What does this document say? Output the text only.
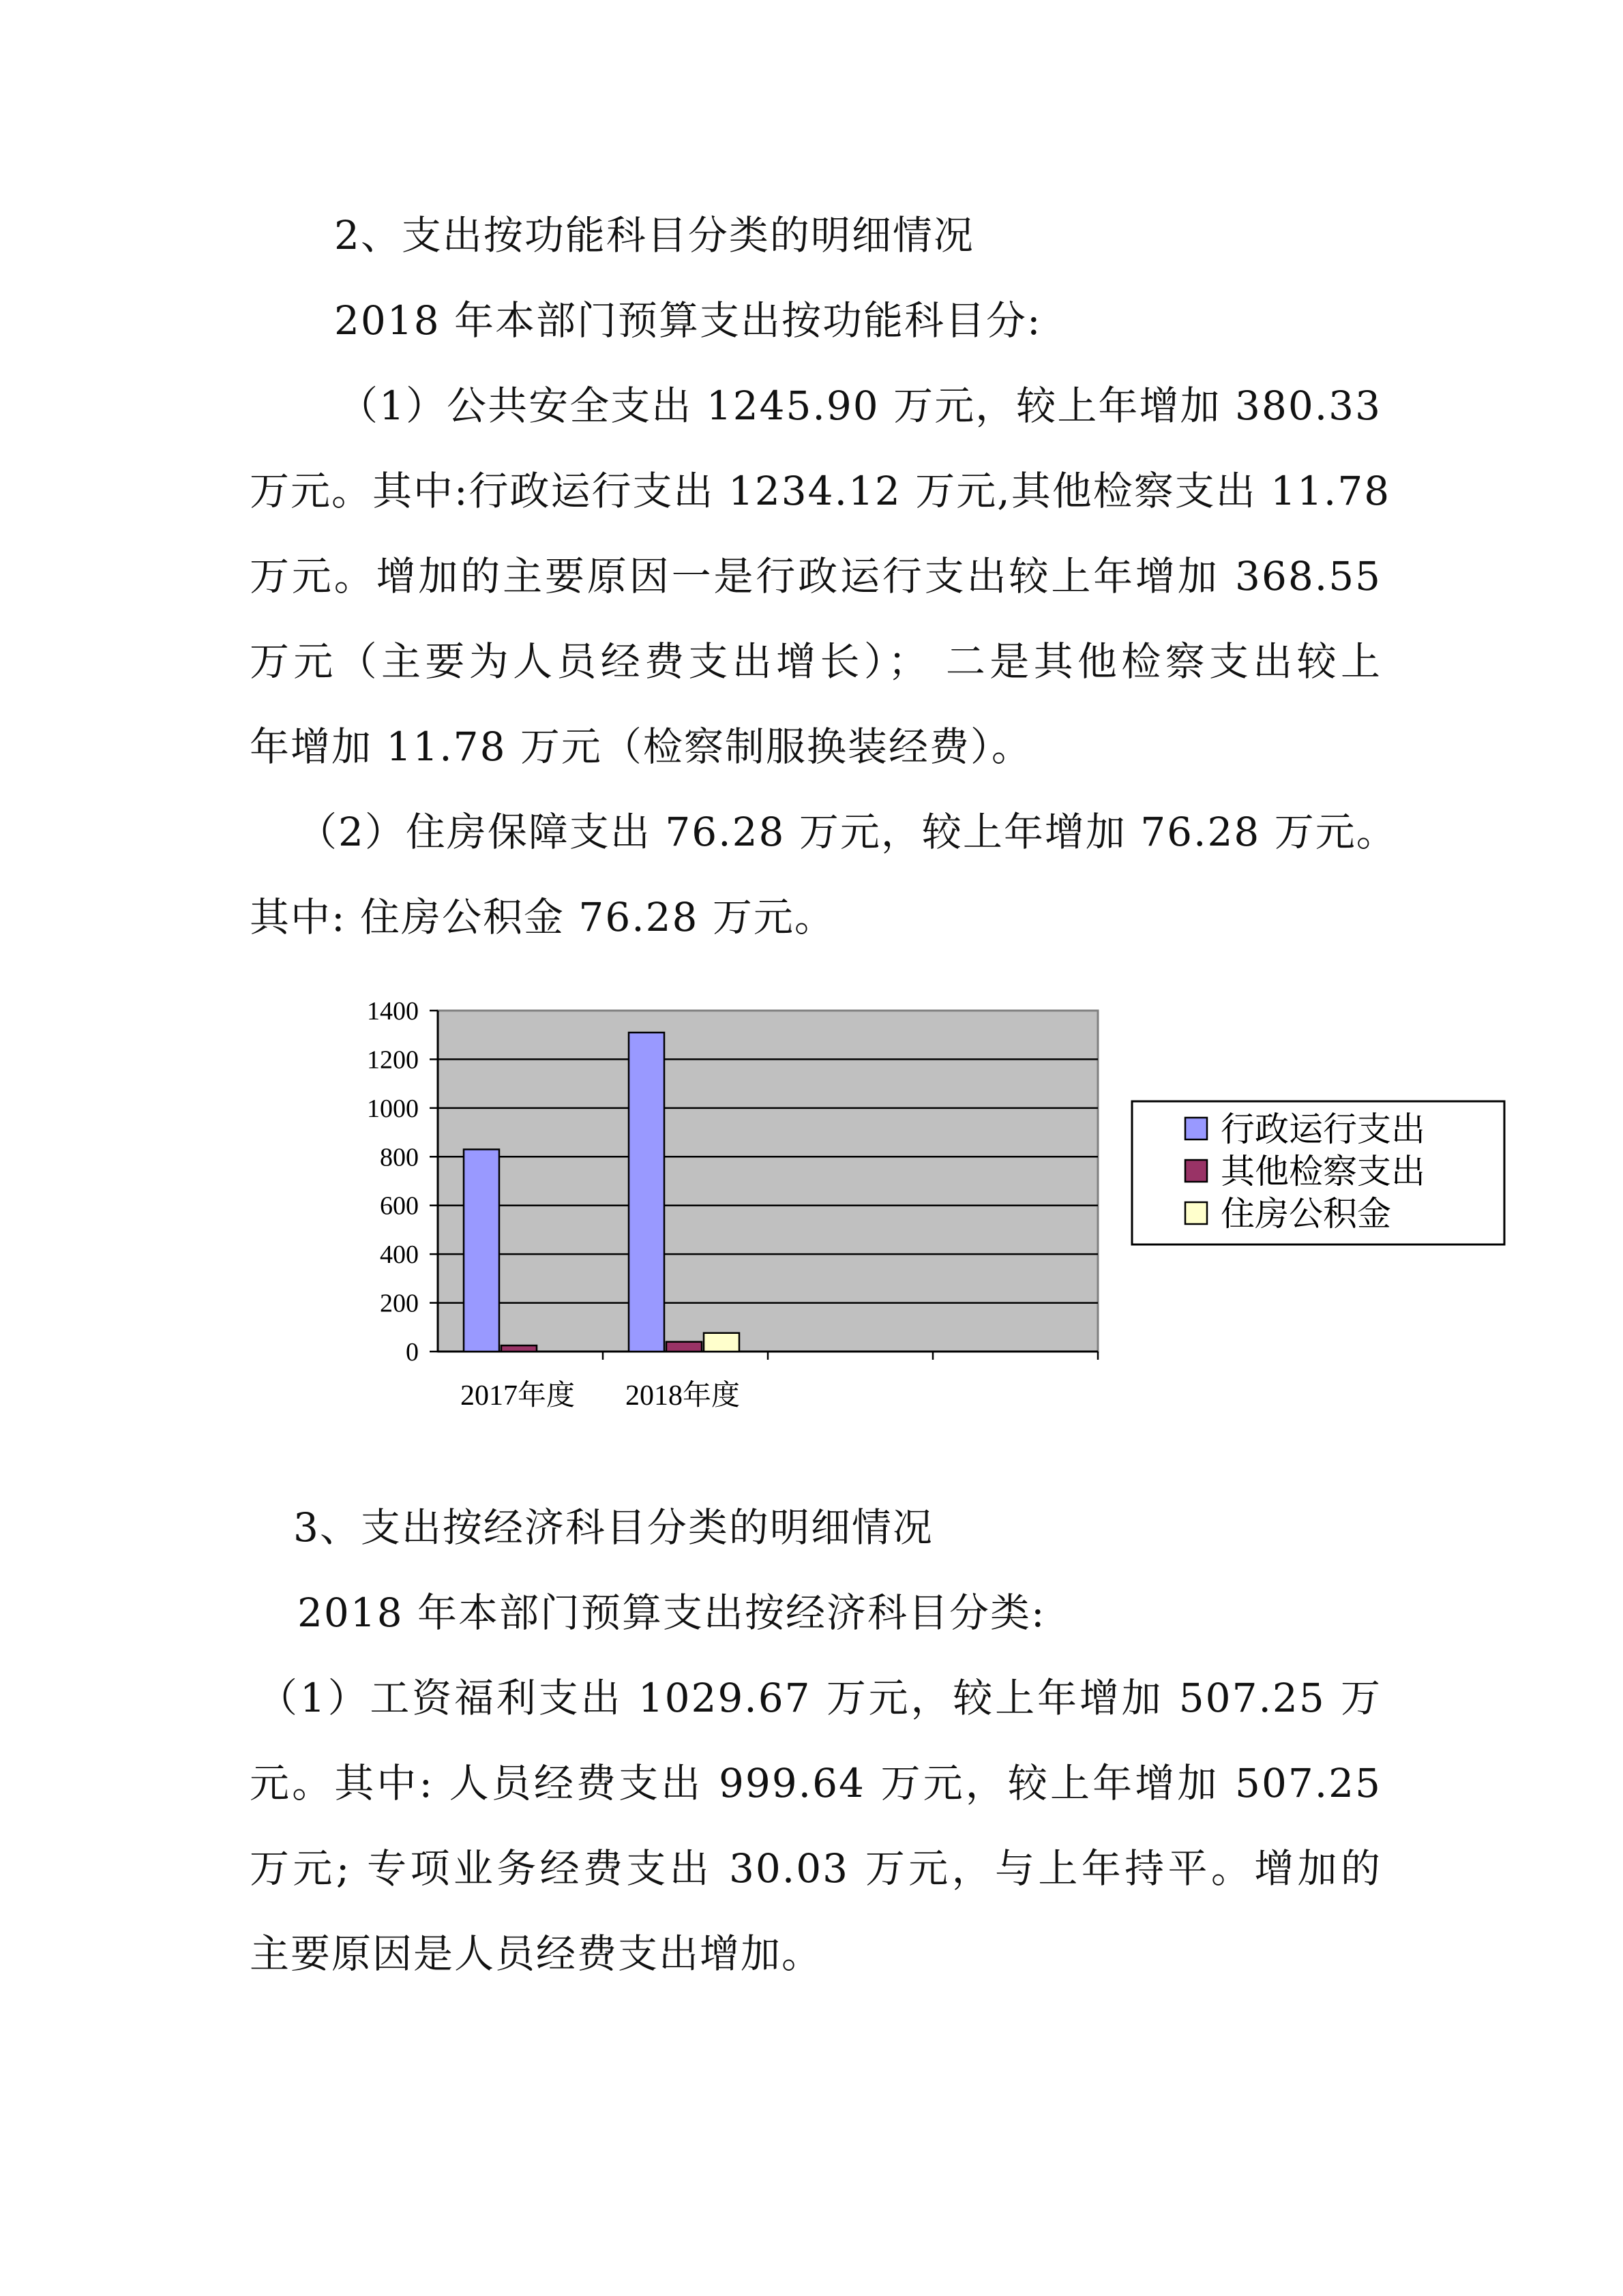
2、支出按功能科目分类的明细情况
2018 年本部门预算支出按功能科目分:
（1）公共安全支出 1245.90 万元，较上年增加 380.33
万元。其中:行政运行支出 1234.12 万元,其他检察支出 11.78
万元。增加的主要原因一是行政运行支出较上年增加 368.55
万元（主要为人员经费支出增长）； 二是其他检察支出较上
年增加 11.78 万元（检察制服换装经费）。
（2）住房保障支出 76.28 万元，较上年增加 76.28 万元。
其中: 住房公积金 76.28 万元。
0
200
400
600
800
1000
1200
1400
2017年度 2018年度
行政运行支出
其他检察支出
住房公积金
3、支出按经济科目分类的明细情况
2018 年本部门预算支出按经济科目分类:
（1）工资福利支出 1029.67 万元，较上年增加 507.25 万
元。其中: 人员经费支出 999.64 万元，较上年增加 507.25
万元; 专项业务经费支出 30.03 万元，与上年持平。增加的
主要原因是人员经费支出增加。
